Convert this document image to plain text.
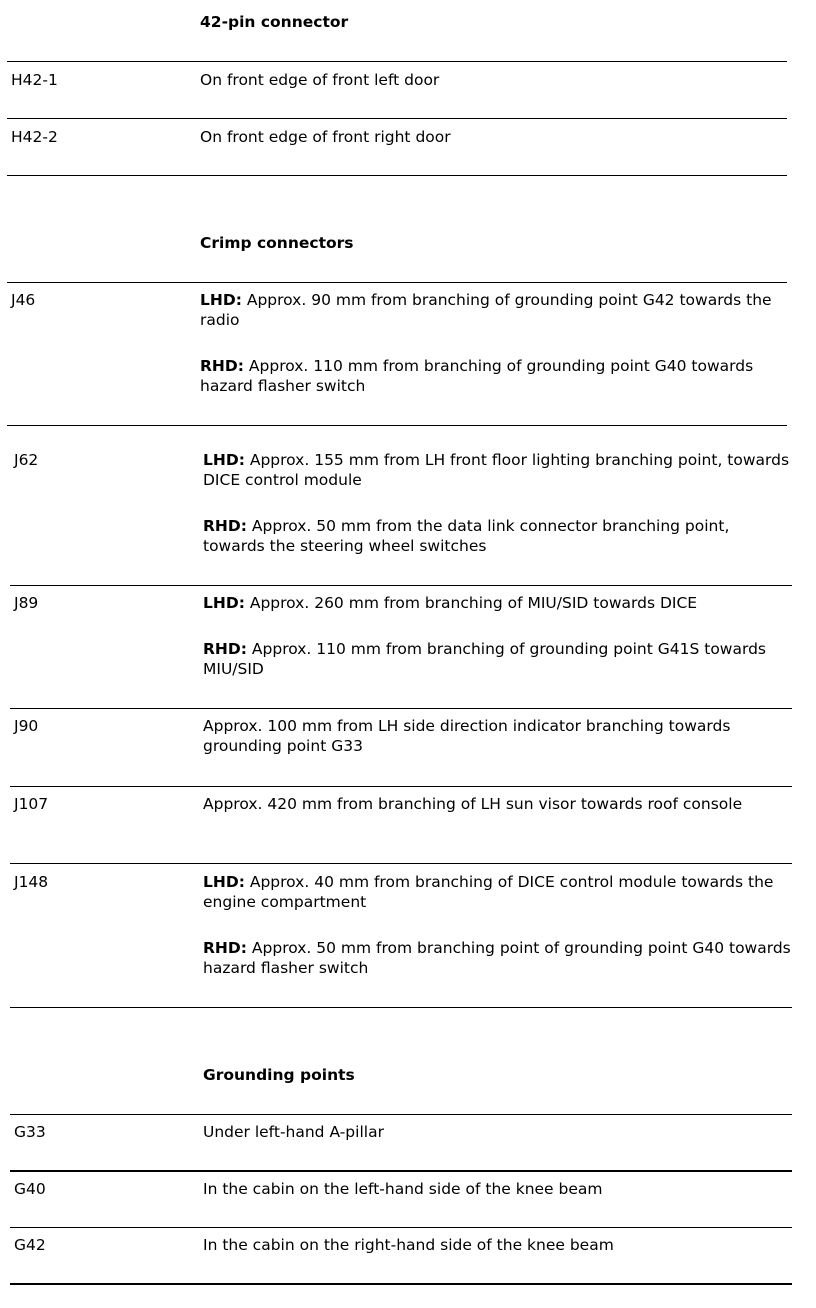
42-pin connector
H42-1	On front edge of front left door

H42-2	On front edge of front right door

Crimp connectors
J46	LHD: Approx. 90 mm from branching of grounding point G42 towards the radio

RHD: Approx. 110 mm from branching of grounding point G40 towards hazard flasher switch

J62	LHD: Approx. 155 mm from LH front floor lighting branching point, towards DICE control module

RHD: Approx. 50 mm from the data link connector branching point, towards the steering wheel switches

J89	LHD: Approx. 260 mm from branching of MIU/SID towards DICE

RHD: Approx. 110 mm from branching of grounding point G41S towards MIU/SID

J90	Approx. 100 mm from LH side direction indicator branching towards grounding point G33

J107	Approx. 420 mm from branching of LH sun visor towards roof console

J148	LHD: Approx. 40 mm from branching of DICE control module towards the engine compartment

RHD: Approx. 50 mm from branching point of grounding point G40 towards hazard flasher switch

Grounding points
G33	Under left-hand A-pillar

G40	In the cabin on the left-hand side of the knee beam

G42	In the cabin on the right-hand side of the knee beam
